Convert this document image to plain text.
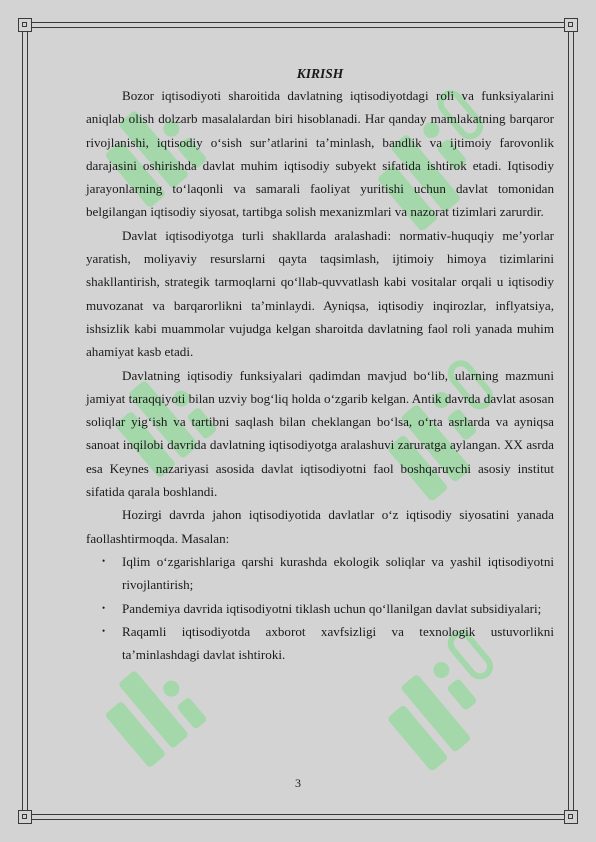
KIRISH

Bozor iqtisodiyoti sharoitida davlatning iqtisodiyotdagi roli va funksiyalarini aniqlab olish dolzarb masalalardan biri hisoblanadi. Har qanday mamlakatning barqaror rivojlanishi, iqtisodiy o‘sish sur’atlarini ta’minlash, bandlik va ijtimoiy farovonlik darajasini oshirishda davlat muhim iqtisodiy subyekt sifatida ishtirok etadi. Iqtisodiy jarayonlarning to‘laqonli va samarali faoliyat yuritishi uchun davlat tomonidan belgilangan iqtisodiy siyosat, tartibga solish mexanizmlari va nazorat tizimlari zarurdir.

Davlat iqtisodiyotga turli shakllarda aralashadi: normativ-huquqiy me’yorlar yaratish, moliyaviy resurslarni qayta taqsimlash, ijtimoiy himoya tizimlarini shakllantirish, strategik tarmoqlarni qo‘llab-quvvatlash kabi vositalar orqali u iqtisodiy muvozanat va barqarorlikni ta’minlaydi. Ayniqsa, iqtisodiy inqirozlar, inflyatsiya, ishsizlik kabi muammolar vujudga kelgan sharoitda davlatning faol roli yanada muhim ahamiyat kasb etadi.

Davlatning iqtisodiy funksiyalari qadimdan mavjud bo‘lib, ularning mazmuni jamiyat taraqqiyoti bilan uzviy bog‘liq holda o‘zgarib kelgan. Antik davrda davlat asosan soliqlar yig‘ish va tartibni saqlash bilan cheklangan bo‘lsa, o‘rta asrlarda va ayniqsa sanoat inqilobi davrida davlatning iqtisodiyotga aralashuvi zaruratga aylangan. XX asrda esa Keynes nazariyasi asosida davlat iqtisodiyotni faol boshqaruvchi asosiy institut sifatida qarala boshlandi.

Hozirgi davrda jahon iqtisodiyotida davlatlar o‘z iqtisodiy siyosatini yanada faollashtirmoqda. Masalan:

• Iqlim o‘zgarishlariga qarshi kurashda ekologik soliqlar va yashil iqtisodiyotni rivojlantirish;
• Pandemiya davrida iqtisodiyotni tiklash uchun qo‘llanilgan davlat subsidiyalari;
• Raqamli iqtisodiyotda axborot xavfsizligi va texnologik ustuvorlikni ta’minlashdagi davlat ishtiroki.
3
